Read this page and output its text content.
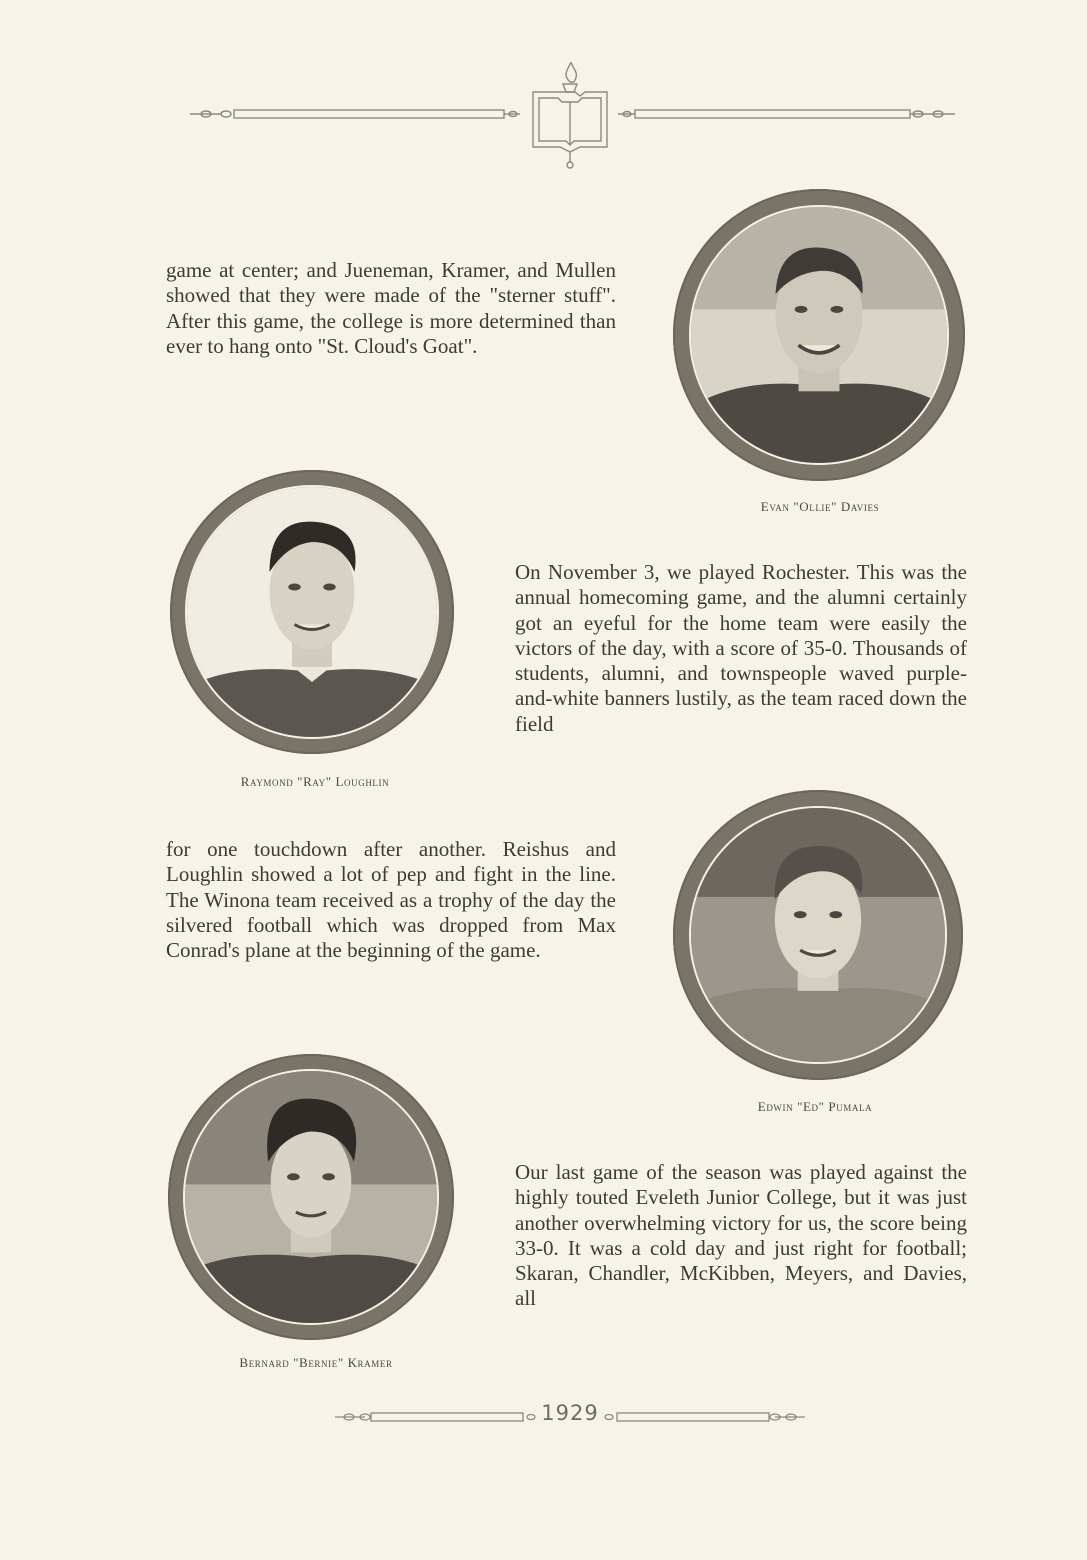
game at center; and Jueneman, Kramer, and Mullen showed that they were made of the "sterner stuff". After this game, the college is more determined than ever to hang onto "St. Cloud's Goat".
Evan "Ollie" Davies
Raymond "Ray" Loughlin
On November 3, we played Rochester. This was the annual homecoming game, and the alumni certainly got an eyeful for the home team were easily the victors of the day, with a score of 35-0. Thousands of students, alumni, and townspeople waved purple-and-white banners lustily, as the team raced down the field
for one touchdown after another. Reishus and Loughlin showed a lot of pep and fight in the line. The Winona team received as a trophy of the day the silvered football which was dropped from Max Conrad's plane at the beginning of the game.
Edwin "Ed" Pumala
Bernard "Bernie" Kramer
Our last game of the season was played against the highly touted Eveleth Junior College, but it was just another overwhelming victory for us, the score being 33-0. It was a cold day and just right for football; Skaran, Chandler, McKibben, Meyers, and Davies, all
1929
